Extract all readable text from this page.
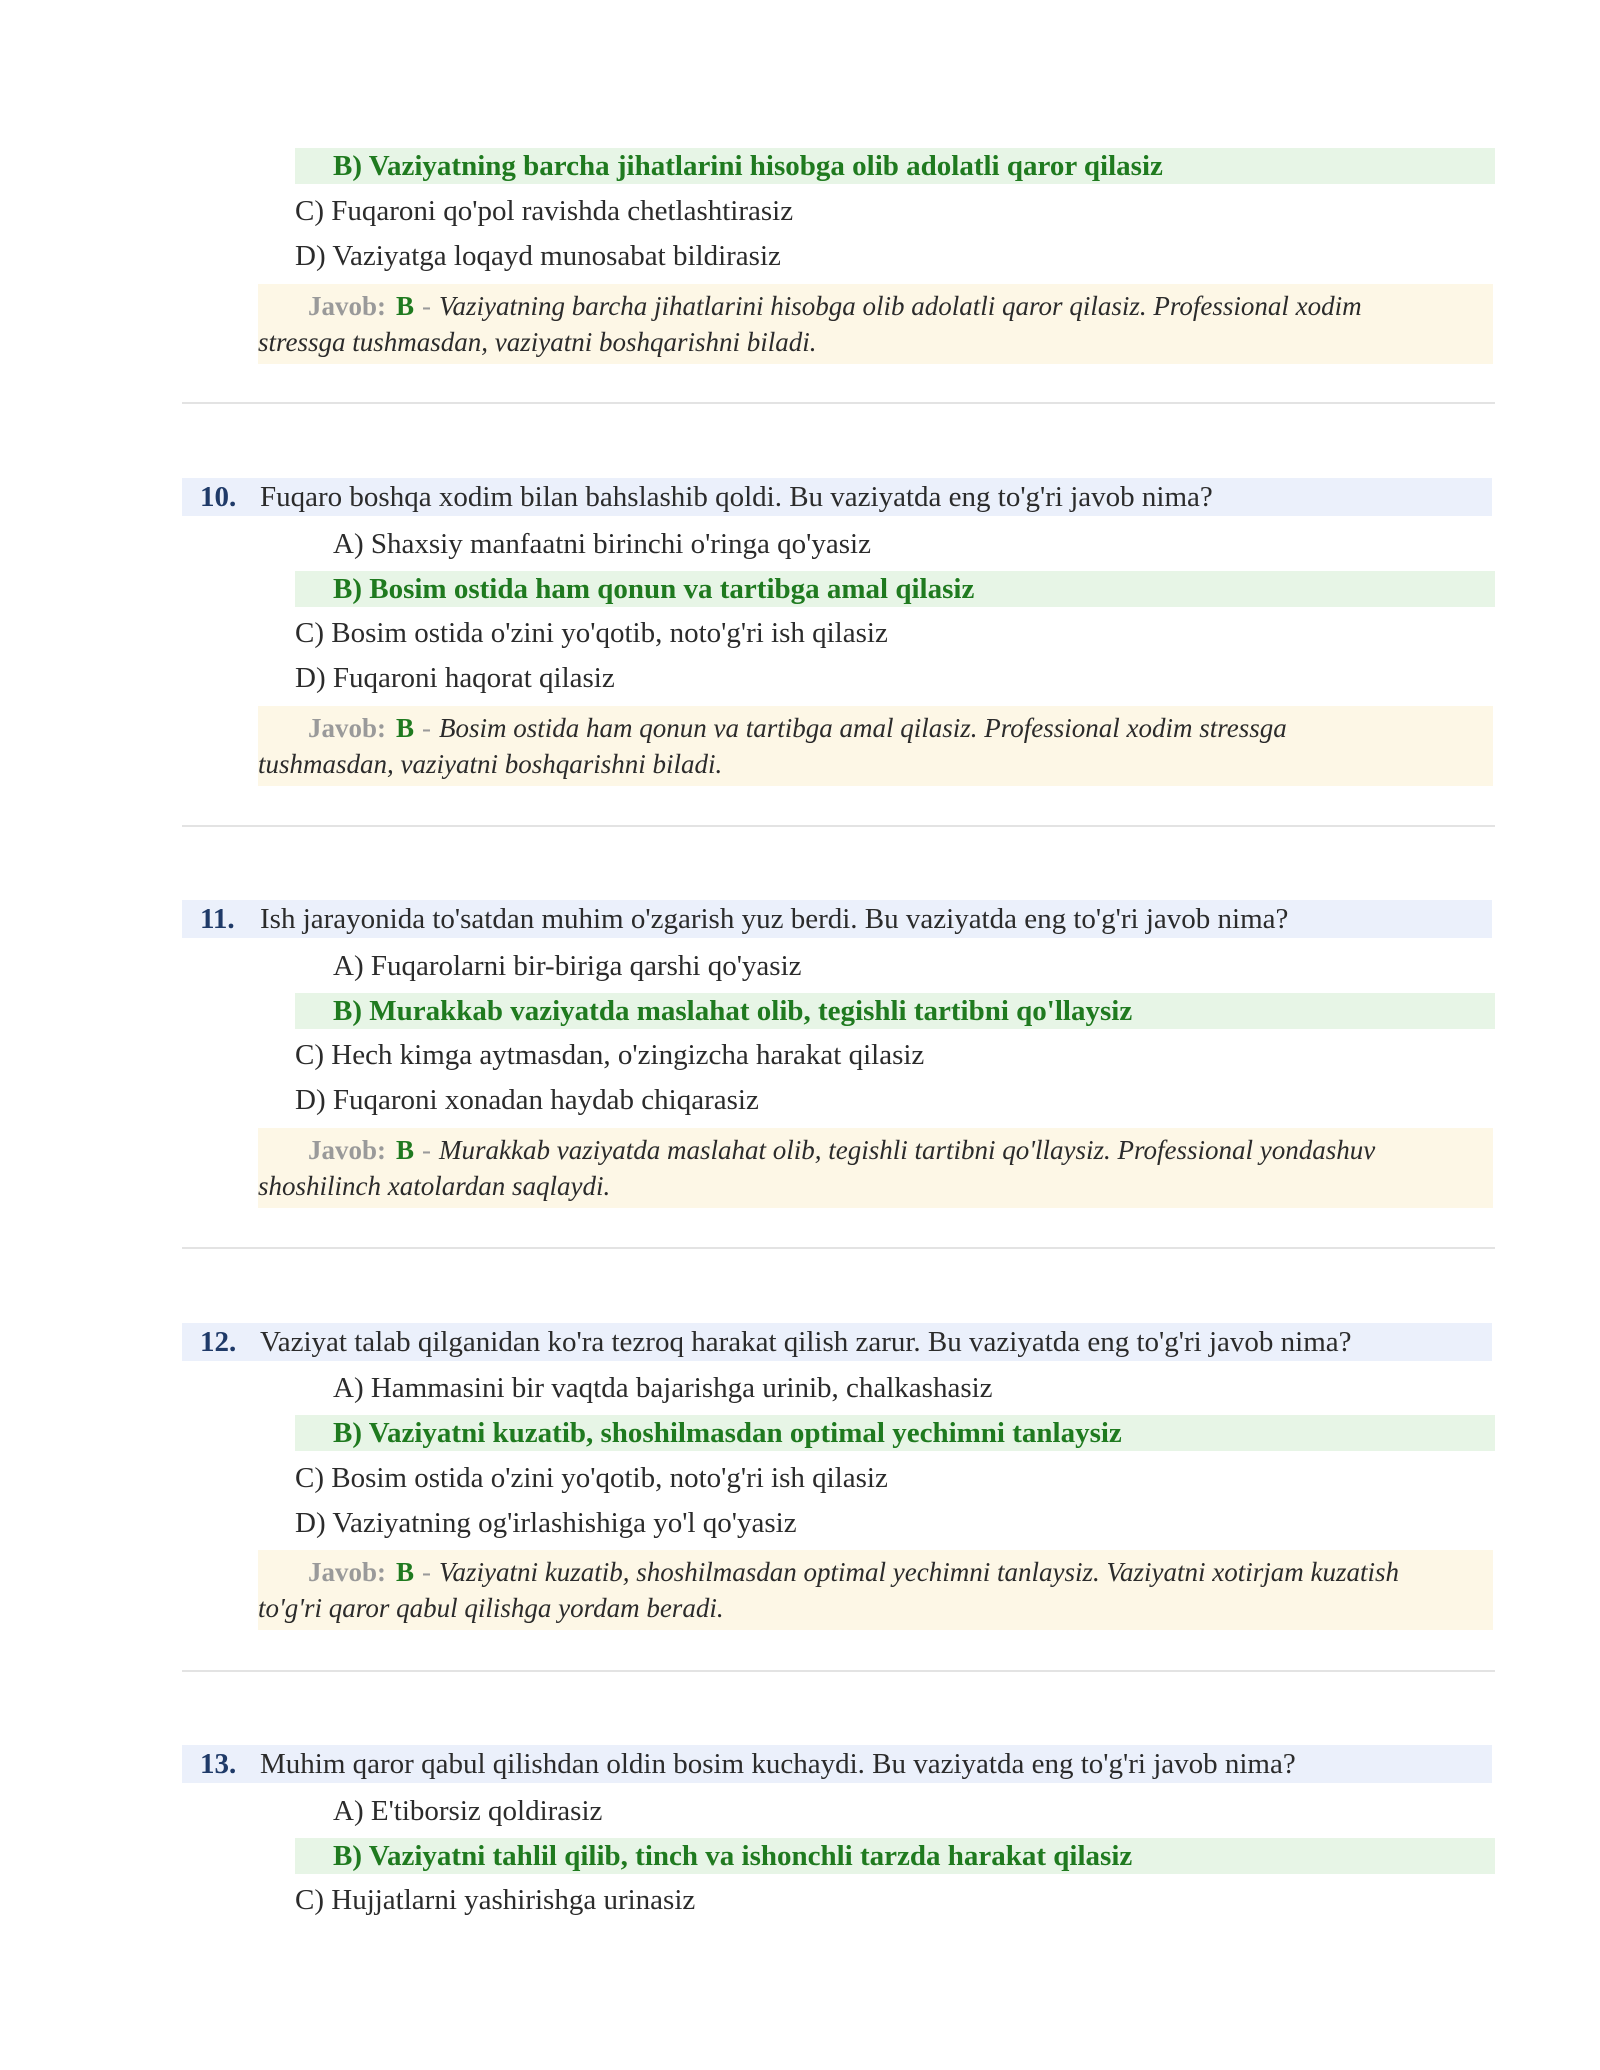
B) Vaziyatning barcha jihatlarini hisobga olib adolatli qaror qilasiz
C) Fuqaroni qo'pol ravishda chetlashtirasiz
D) Vaziyatga loqayd munosabat bildirasiz
Javob: B - Vaziyatning barcha jihatlarini hisobga olib adolatli qaror qilasiz. Professional xodim
stressga tushmasdan, vaziyatni boshqarishni biladi.
10. Fuqaro boshqa xodim bilan bahslashib qoldi. Bu vaziyatda eng to'g'ri javob nima?
A) Shaxsiy manfaatni birinchi o'ringa qo'yasiz
B) Bosim ostida ham qonun va tartibga amal qilasiz
C) Bosim ostida o'zini yo'qotib, noto'g'ri ish qilasiz
D) Fuqaroni haqorat qilasiz
Javob: B - Bosim ostida ham qonun va tartibga amal qilasiz. Professional xodim stressga
tushmasdan, vaziyatni boshqarishni biladi.
11. Ish jarayonida to'satdan muhim o'zgarish yuz berdi. Bu vaziyatda eng to'g'ri javob nima?
A) Fuqarolarni bir-biriga qarshi qo'yasiz
B) Murakkab vaziyatda maslahat olib, tegishli tartibni qo'llaysiz
C) Hech kimga aytmasdan, o'zingizcha harakat qilasiz
D) Fuqaroni xonadan haydab chiqarasiz
Javob: B - Murakkab vaziyatda maslahat olib, tegishli tartibni qo'llaysiz. Professional yondashuv
shoshilinch xatolardan saqlaydi.
12. Vaziyat talab qilganidan ko'ra tezroq harakat qilish zarur. Bu vaziyatda eng to'g'ri javob nima?
A) Hammasini bir vaqtda bajarishga urinib, chalkashasiz
B) Vaziyatni kuzatib, shoshilmasdan optimal yechimni tanlaysiz
C) Bosim ostida o'zini yo'qotib, noto'g'ri ish qilasiz
D) Vaziyatning og'irlashishiga yo'l qo'yasiz
Javob: B - Vaziyatni kuzatib, shoshilmasdan optimal yechimni tanlaysiz. Vaziyatni xotirjam kuzatish
to'g'ri qaror qabul qilishga yordam beradi.
13. Muhim qaror qabul qilishdan oldin bosim kuchaydi. Bu vaziyatda eng to'g'ri javob nima?
A) E'tiborsiz qoldirasiz
B) Vaziyatni tahlil qilib, tinch va ishonchli tarzda harakat qilasiz
C) Hujjatlarni yashirishga urinasiz
